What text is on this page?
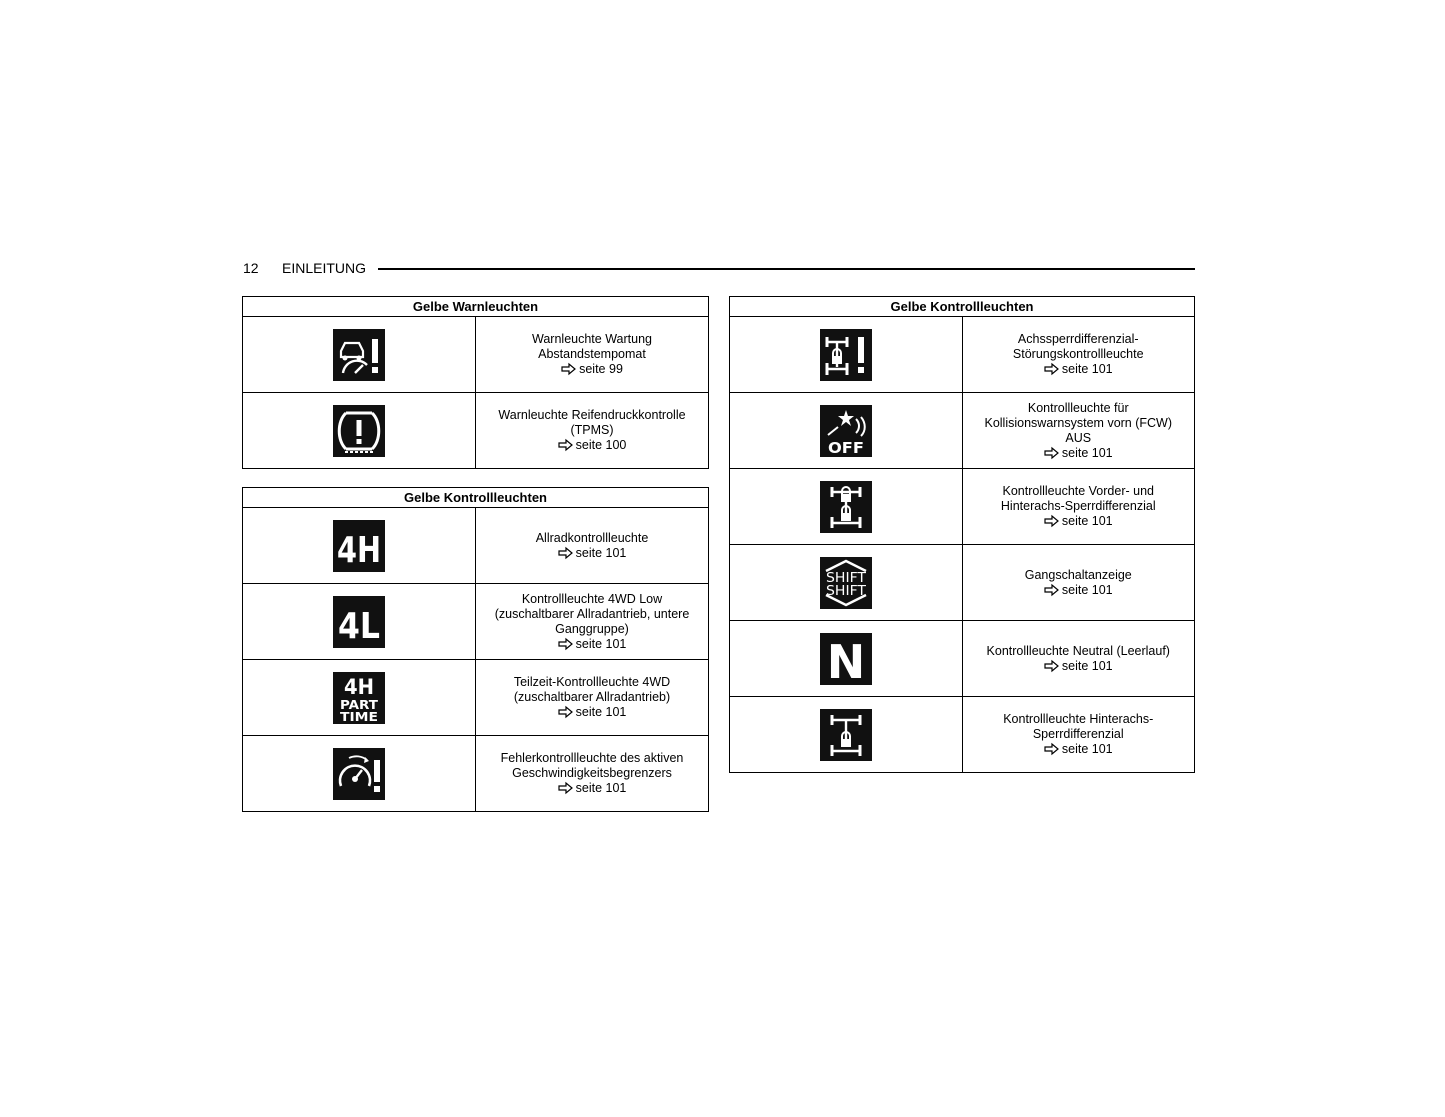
12 EINLEITUNG
Gelbe Warnleuchten	

	Warnleuchte Wartung Abstandstempomat
seite 99

	Warnleuchte Reifendruckkontrolle (TPMS)
seite 100
Gelbe Kontrollleuchten	

4H	Allradkontrollleuchte
seite 101

4L	Kontrollleuchte 4WD Low (zuschaltbarer Allradantrieb, untere Ganggruppe)
seite 101

4H
PART
TIME	Teilzeit-Kontrollleuchte 4WD (zuschaltbarer Allradantrieb)
seite 101

	Fehlerkontrollleuchte des aktiven Geschwindigkeitsbegrenzers
seite 101
Gelbe Kontrollleuchten	

	Achssperrdifferenzial-Störungskontrollleuchte
seite 101

OFF	Kontrollleuchte für Kollisionswarnsystem vorn (FCW) AUS
seite 101

	Kontrollleuchte Vorder- und Hinterachs-Sperrdifferenzial
seite 101

SHIFT
SHIFT	Gangschaltanzeige
seite 101

N	Kontrollleuchte Neutral (Leerlauf)
seite 101

	Kontrollleuchte Hinterachs-Sperrdifferenzial
seite 101
